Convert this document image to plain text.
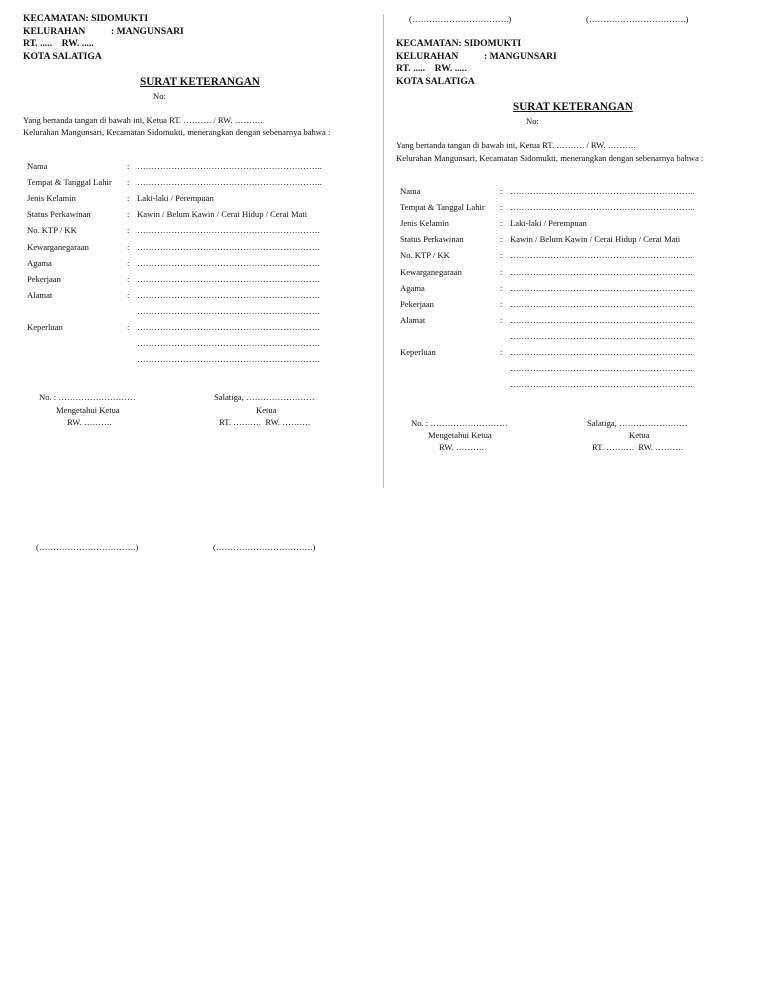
KECAMATAN: SIDOMUKTI
KELURAHAN	: MANGUNSARI
RT. .....    RW. .....
KOTA SALATIGA
SURAT KETERANGAN
No:
Yang bertanda tangan di bawah ini, Ketua RT. ………. / RW. ……….
Kelurahan Mangunsari, Kecamatan Sidomukti, menerangkan dengan sebenarnya bahwa :
Nama	: ………………………………………………………..
Tempat & Tanggal Lahir : ………………………………………………………..
Jenis Kelamin	: Laki-laki / Perempuan
Status Perkawinan	: Kawin / Belum Kawin / Cerai Hidup / Cerai Mati
No. KTP / KK	: ……………………………………………………….
Kewarganegaraan	: ……………………………………………………….
Agama	: ……………………………………………………….
Pekerjaan	: ……………………………………………………….
Alamat	: ……………………………………………………….
……………………………………………………….
Keperluan	: ……………………………………………………….
……………………………………………………….
……………………………………………………….
No. : ………………………
Mengetahui Ketua
RW. ……….
Salatiga, ……………………
Ketua
RT. ……….  RW. ……….
(…………………………….)	(…………………………….)
(…………………………….)	(…………………………….)
KECAMATAN: SIDOMUKTI
KELURAHAN	: MANGUNSARI
RT. .....    RW. .....
KOTA SALATIGA
SURAT KETERANGAN
No:
Yang bertanda tangan di bawah ini, Ketua RT. ………. / RW. ……….
Kelurahan Mangunsari, Kecamatan Sidomukti, menerangkan dengan sebenarnya bahwa :
Nama	: ………………………………………………………..
Tempat & Tanggal Lahir : ………………………………………………………..
Jenis Kelamin	: Laki-laki / Perempuan
Status Perkawinan	: Kawin / Belum Kawin / Cerai Hidup / Cerai Mati
No. KTP / KK	: ……………………………………………………….
Kewarganegaraan	: ……………………………………………………….
Agama	: ……………………………………………………….
Pekerjaan	: ……………………………………………………….
Alamat	: ……………………………………………………….
……………………………………………………….
Keperluan	: ……………………………………………………….
……………………………………………………….
……………………………………………………….
No. : ………………………
Mengetahui Ketua
RW. ……….
Salatiga, ……………………
Ketua
RT. ……….  RW. ……….
